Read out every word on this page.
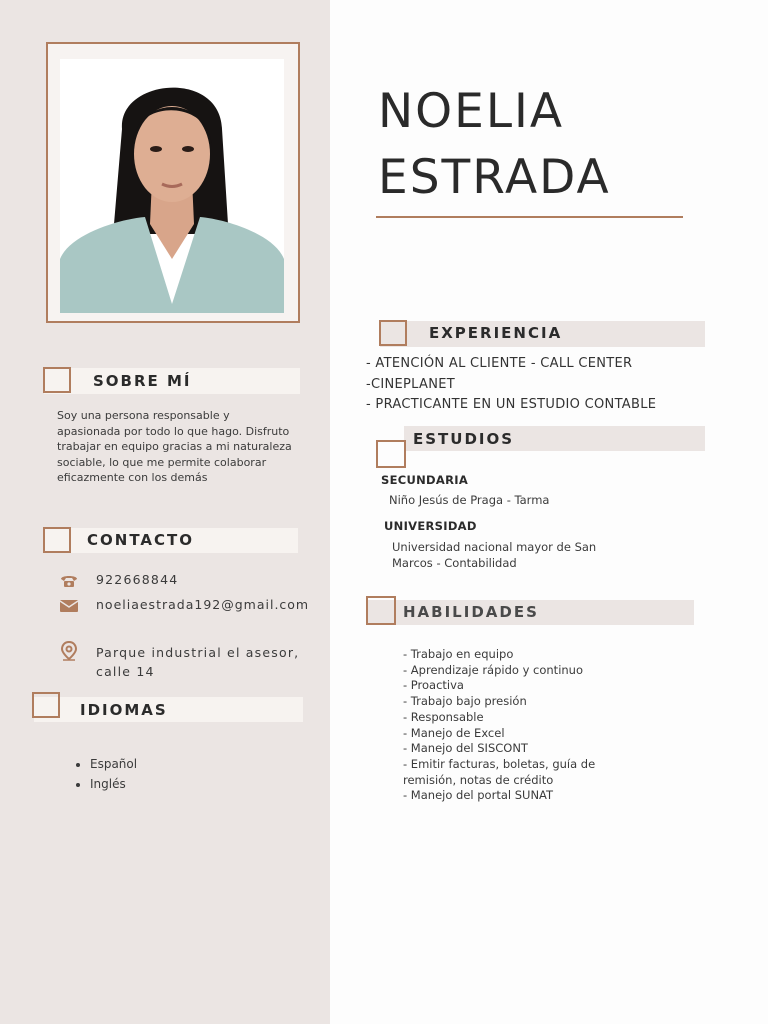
NOELIA
ESTRADA
SOBRE MÍ
Soy una persona responsable y
apasionada por todo lo que hago. Disfruto
trabajar en equipo gracias a mi naturaleza
sociable, lo que me permite colaborar
eficazmente con los demás
CONTACTO
922668844
noeliaestrada192@gmail.com
Parque industrial el asesor,
calle 14
IDIOMAS
• Español
• Inglés
EXPERIENCIA
- ATENCIÓN AL CLIENTE - CALL CENTER
-CINEPLANET
- PRACTICANTE EN UN ESTUDIO CONTABLE
ESTUDIOS
SECUNDARIA
Niño Jesús de Praga - Tarma
UNIVERSIDAD
Universidad nacional mayor de San
Marcos - Contabilidad
HABILIDADES
- Trabajo en equipo
- Aprendizaje rápido y continuo
- Proactiva
- Trabajo bajo presión
- Responsable
- Manejo de Excel
- Manejo del SISCONT
- Emitir facturas, boletas, guía de
remisión, notas de crédito
- Manejo del portal SUNAT
